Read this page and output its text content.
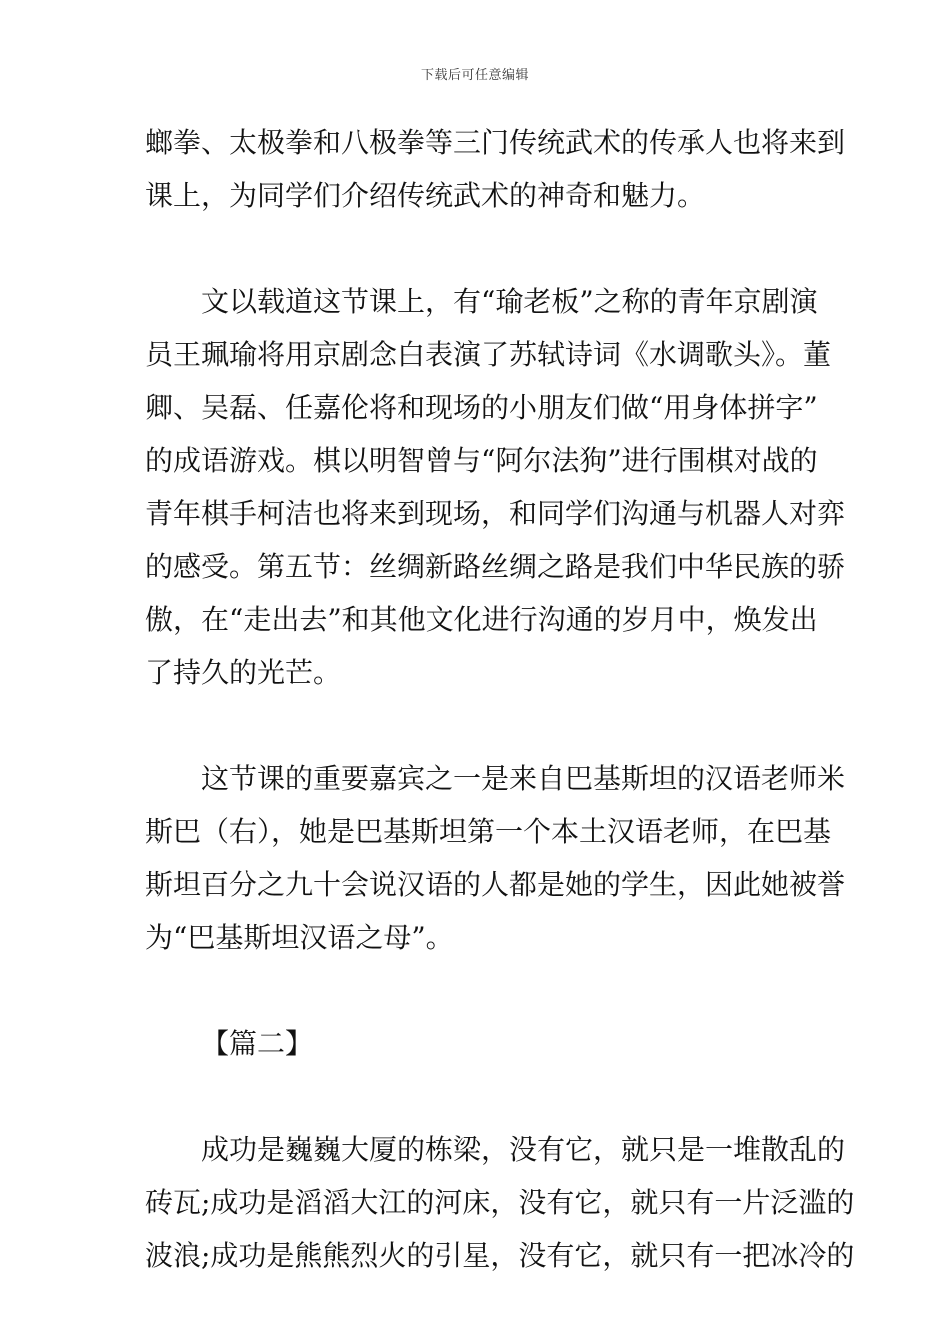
下载后可任意编辑
螂拳、太极拳和八极拳等三门传统武术的传承人也将来到
课上，为同学们介绍传统武术的神奇和魅力。
文以载道这节课上，有“瑜老板”之称的青年京剧演
员王珮瑜将用京剧念白表演了苏轼诗词《水调歌头》。董
卿、吴磊、任嘉伦将和现场的小朋友们做“用身体拼字”
的成语游戏。棋以明智曾与“阿尔法狗”进行围棋对战的
青年棋手柯洁也将来到现场，和同学们沟通与机器人对弈
的感受。第五节：丝绸新路丝绸之路是我们中华民族的骄
傲，在“走出去”和其他文化进行沟通的岁月中，焕发出
了持久的光芒。
这节课的重要嘉宾之一是来自巴基斯坦的汉语老师米
斯巴（右），她是巴基斯坦第一个本土汉语老师，在巴基
斯坦百分之九十会说汉语的人都是她的学生，因此她被誉
为“巴基斯坦汉语之母”。
【篇二】
成功是巍巍大厦的栋梁，没有它，就只是一堆散乱的
砖瓦;成功是滔滔大江的河床，没有它，就只有一片泛滥的
波浪;成功是熊熊烈火的引星，没有它，就只有一把冰冷的
